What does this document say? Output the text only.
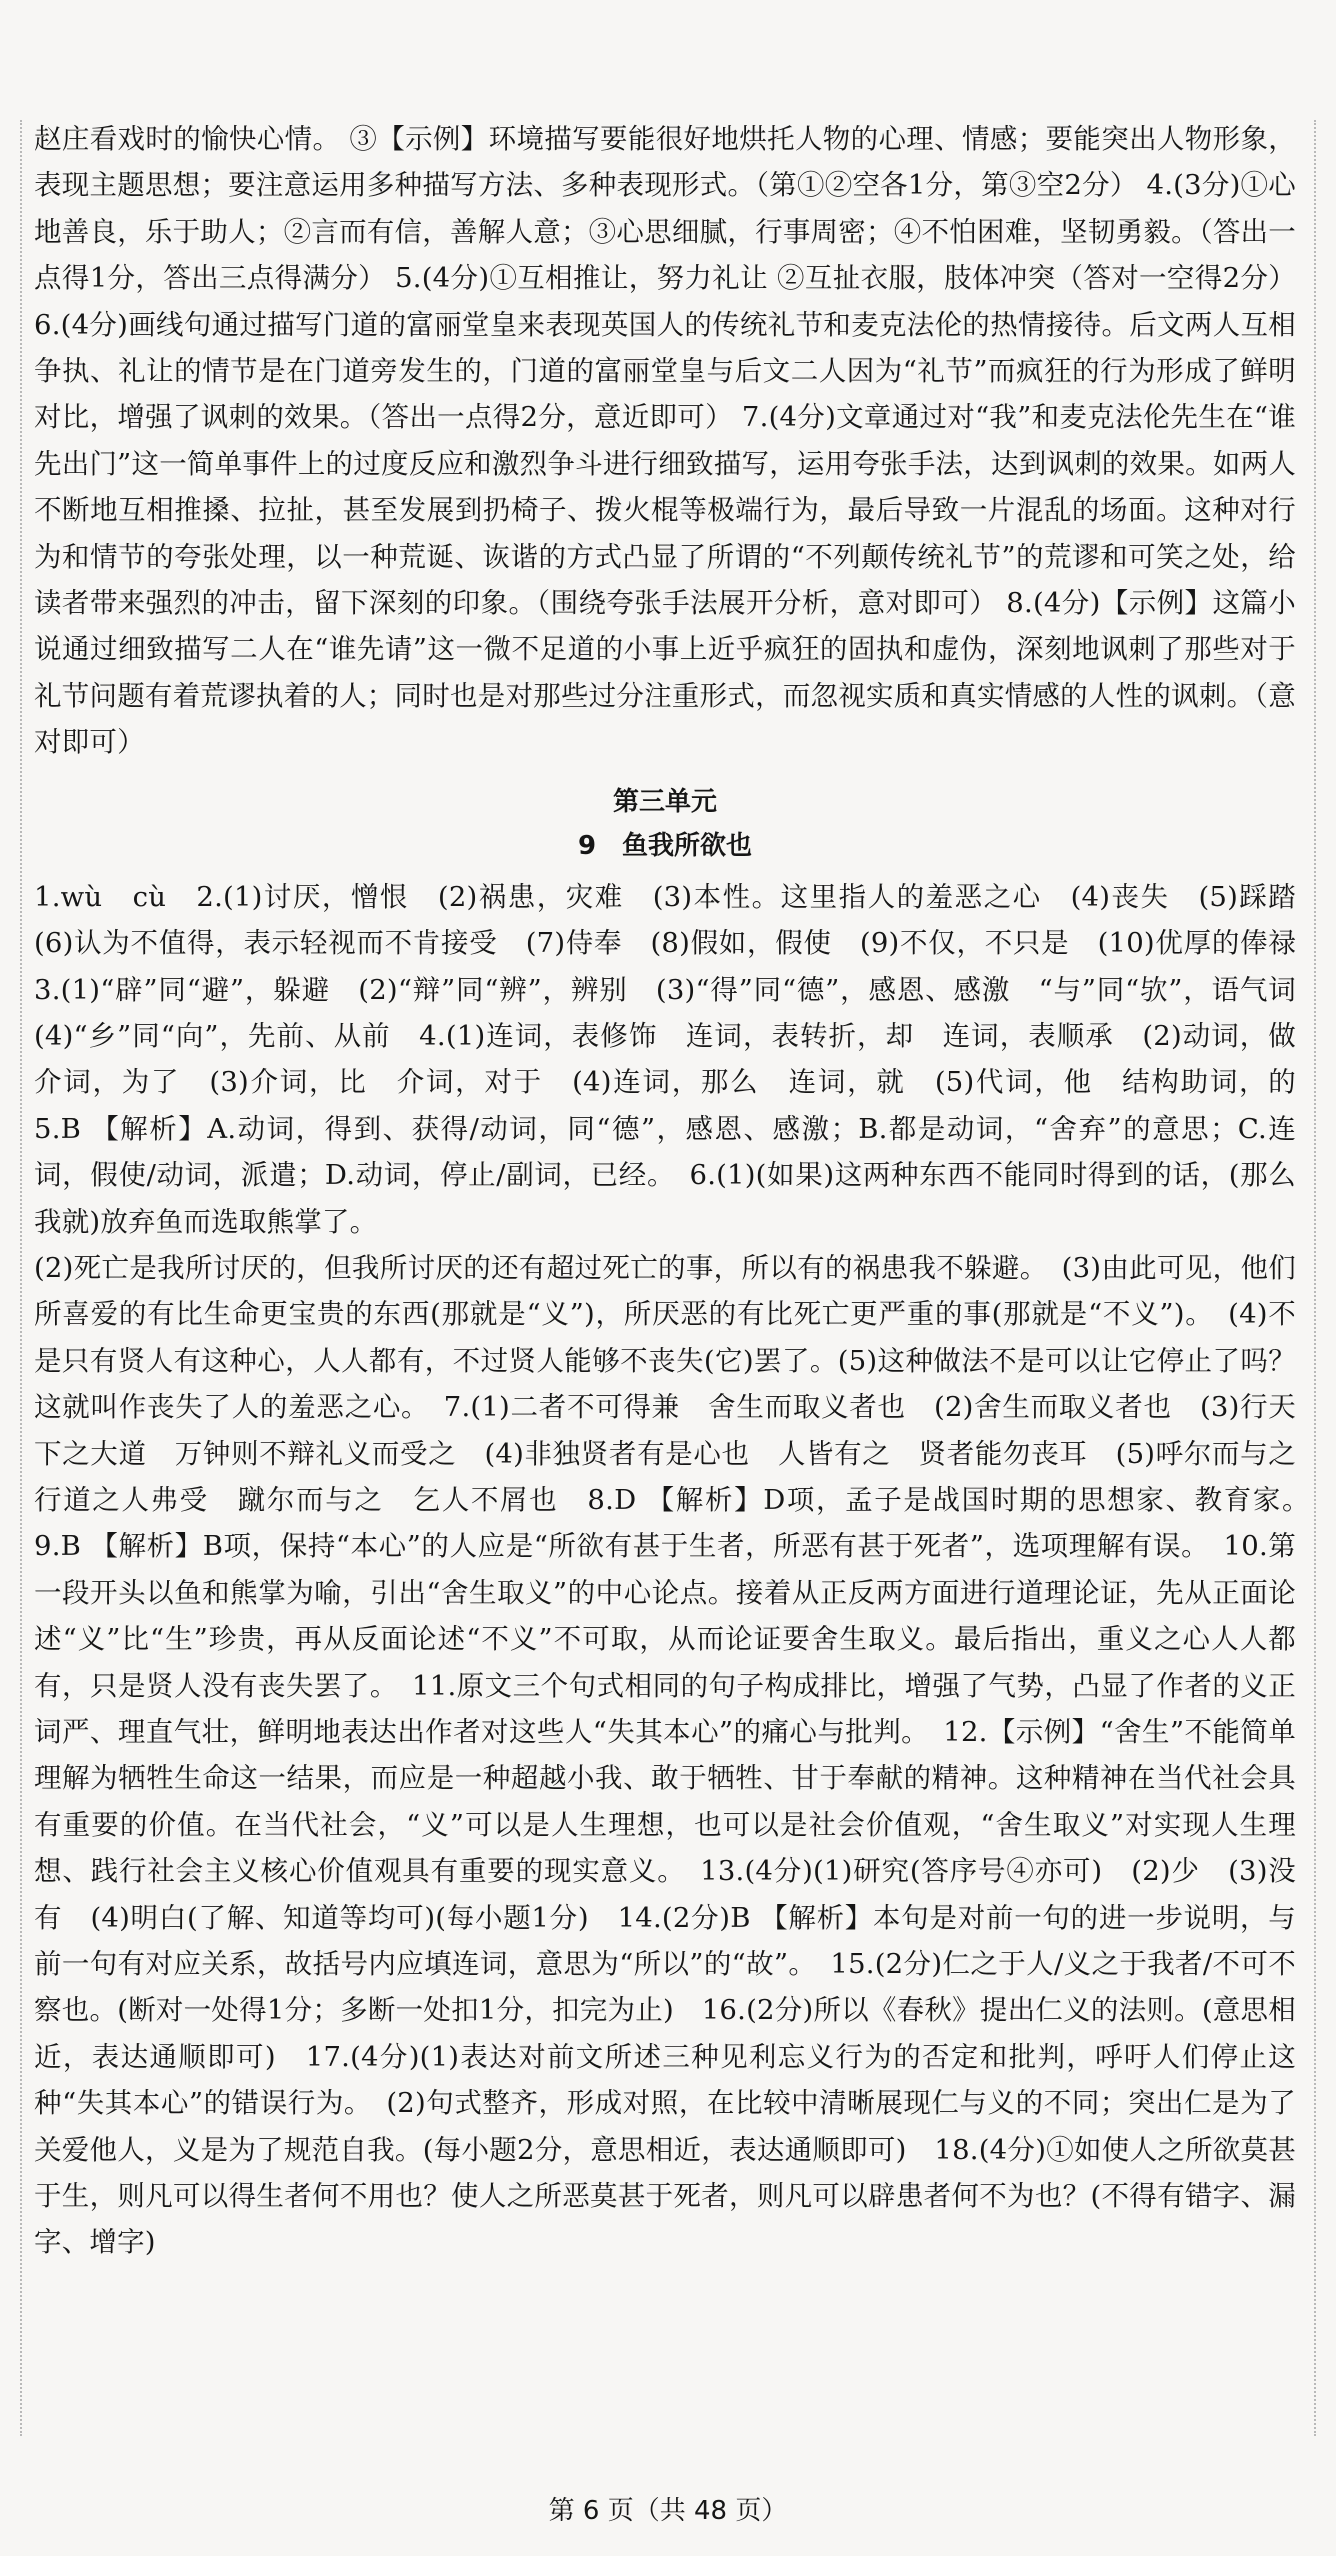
赵庄看戏时的愉快心情。 ③【示例】环境描写要能很好地烘托人物的心理、情感；要能突出人物形象，表现主题思想；要注意运用多种描写方法、多种表现形式。（第①②空各1分，第③空2分） 4.(3分)①心地善良，乐于助人；②言而有信，善解人意；③心思细腻，行事周密；④不怕困难，坚韧勇毅。（答出一点得1分，答出三点得满分） 5.(4分)①互相推让，努力礼让 ②互扯衣服，肢体冲突（答对一空得2分） 6.(4分)画线句通过描写门道的富丽堂皇来表现英国人的传统礼节和麦克法伦的热情接待。后文两人互相争执、礼让的情节是在门道旁发生的，门道的富丽堂皇与后文二人因为“礼节”而疯狂的行为形成了鲜明对比，增强了讽刺的效果。（答出一点得2分，意近即可） 7.(4分)文章通过对“我”和麦克法伦先生在“谁先出门”这一简单事件上的过度反应和激烈争斗进行细致描写，运用夸张手法，达到讽刺的效果。如两人不断地互相推搡、拉扯，甚至发展到扔椅子、拨火棍等极端行为，最后导致一片混乱的场面。这种对行为和情节的夸张处理，以一种荒诞、诙谐的方式凸显了所谓的“不列颠传统礼节”的荒谬和可笑之处，给读者带来强烈的冲击，留下深刻的印象。（围绕夸张手法展开分析，意对即可） 8.(4分)【示例】这篇小说通过细致描写二人在“谁先请”这一微不足道的小事上近乎疯狂的固执和虚伪，深刻地讽刺了那些对于礼节问题有着荒谬执着的人；同时也是对那些过分注重形式，而忽视实质和真实情感的人性的讽刺。（意对即可）

第三单元
9　鱼我所欲也

1.wù　cù　2.(1)讨厌，憎恨　(2)祸患，灾难　(3)本性。这里指人的羞恶之心　(4)丧失　(5)踩踏　(6)认为不值得，表示轻视而不肯接受　(7)侍奉　(8)假如，假使　(9)不仅，不只是　(10)优厚的俸禄　3.(1)“辟”同“避”，躲避　(2)“辩”同“辨”，辨别　(3)“得”同“德”，感恩、感激　“与”同“欤”，语气词　(4)“乡”同“向”，先前、从前　4.(1)连词，表修饰　连词，表转折，却　连词，表顺承　(2)动词，做　介词，为了　(3)介词，比　介词，对于　(4)连词，那么　连词，就　(5)代词，他　结构助词，的　5.B 【解析】A.动词，得到、获得/动词，同“德”，感恩、感激；B.都是动词，“舍弃”的意思；C.连词，假使/动词，派遣；D.动词，停止/副词，已经。　6.(1)(如果)这两种东西不能同时得到的话，(那么我就)放弃鱼而选取熊掌了。

(2)死亡是我所讨厌的，但我所讨厌的还有超过死亡的事，所以有的祸患我不躲避。　(3)由此可见，他们所喜爱的有比生命更宝贵的东西(那就是“义”)，所厌恶的有比死亡更严重的事(那就是“不义”)。　(4)不是只有贤人有这种心，人人都有，不过贤人能够不丧失(它)罢了。(5)这种做法不是可以让它停止了吗？这就叫作丧失了人的羞恶之心。　7.(1)二者不可得兼　舍生而取义者也　(2)舍生而取义者也　(3)行天下之大道　万钟则不辩礼义而受之　(4)非独贤者有是心也　人皆有之　贤者能勿丧耳　(5)呼尔而与之　行道之人弗受　蹴尔而与之　乞人不屑也　8.D 【解析】D项，孟子是战国时期的思想家、教育家。　9.B 【解析】B项，保持“本心”的人应是“所欲有甚于生者，所恶有甚于死者”，选项理解有误。　10.第一段开头以鱼和熊掌为喻，引出“舍生取义”的中心论点。接着从正反两方面进行道理论证，先从正面论述“义”比“生”珍贵，再从反面论述“不义”不可取，从而论证要舍生取义。最后指出，重义之心人人都有，只是贤人没有丧失罢了。　11.原文三个句式相同的句子构成排比，增强了气势，凸显了作者的义正词严、理直气壮，鲜明地表达出作者对这些人“失其本心”的痛心与批判。　12.【示例】“舍生”不能简单理解为牺牲生命这一结果，而应是一种超越小我、敢于牺牲、甘于奉献的精神。这种精神在当代社会具有重要的价值。在当代社会，“义”可以是人生理想，也可以是社会价值观，“舍生取义”对实现人生理想、践行社会主义核心价值观具有重要的现实意义。　13.(4分)(1)研究(答序号④亦可)　(2)少　(3)没有　(4)明白(了解、知道等均可)(每小题1分)　14.(2分)B 【解析】本句是对前一句的进一步说明，与前一句有对应关系，故括号内应填连词，意思为“所以”的“故”。　15.(2分)仁之于人/义之于我者/不可不察也。(断对一处得1分；多断一处扣1分，扣完为止)　16.(2分)所以《春秋》提出仁义的法则。(意思相近，表达通顺即可)　17.(4分)(1)表达对前文所述三种见利忘义行为的否定和批判，呼吁人们停止这种“失其本心”的错误行为。　(2)句式整齐，形成对照，在比较中清晰展现仁与义的不同；突出仁是为了关爱他人，义是为了规范自我。(每小题2分，意思相近，表达通顺即可)　18.(4分)①如使人之所欲莫甚于生，则凡可以得生者何不用也？使人之所恶莫甚于死者，则凡可以辟患者何不为也？(不得有错字、漏字、增字)

第 6 页（共 48 页）
